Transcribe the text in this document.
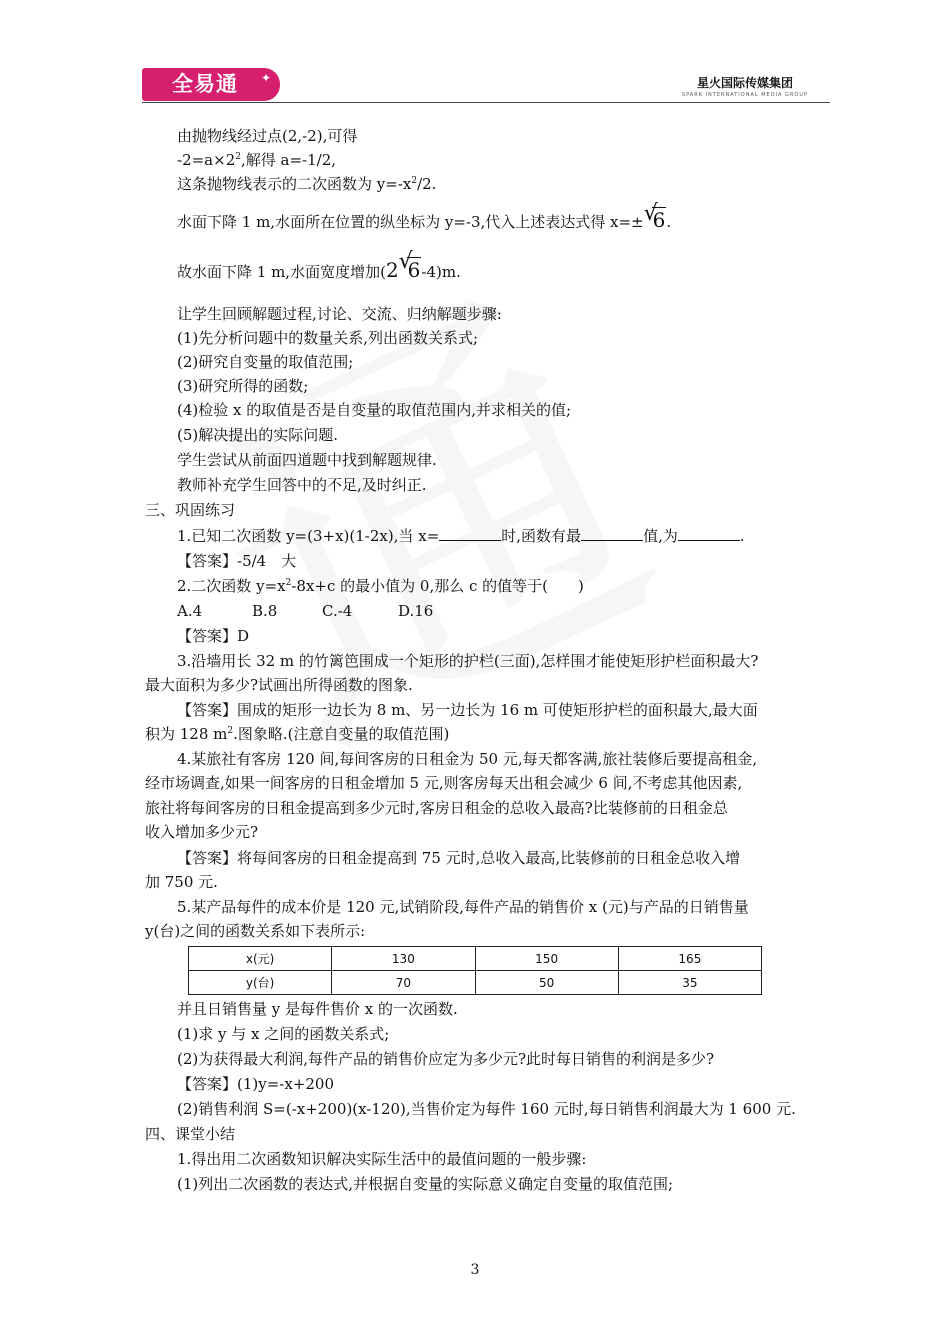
全易通 ✦	星火国际传媒集团
SPARK INTERNATIONAL MEDIA GROUP
由抛物线经过点(2,-2),可得
$-2=a\times 2^2$,解得 a=-1/2,
这条抛物线表示的二次函数为 $y=-x^2/2$.
水面下降 1 m,水面所在位置的纵坐标为 y=-3,代入上述表达式得 x=± √
6.
故水面下降 1 m,水面宽度增加(2 √
6-4)m.
让学生回顾解题过程,讨论、交流、归纳解题步骤:
(1)先分析问题中的数量关系,列出函数关系式;
(2)研究自变量的取值范围;
(3)研究所得的函数;
(4)检验 x 的取值是否是自变量的取值范围内,并求相关的值;
(5)解决提出的实际问题.
学生尝试从前面四道题中找到解题规律.
教师补充学生回答中的不足,及时纠正.
三、巩固练习
1.已知二次函数 y=(3+x)(1-2x),当 x=	时,函数有最	值,为	.
【答案】-5/4　大
2.二次函数 $y=x^2-8x+c$ 的最小值为 0,那么 c 的值等于(　　)
A.4	B.8	C.-4	D.16
【答案】D
3.沿墙用长 32 m 的竹篱笆围成一个矩形的护栏(三面),怎样围才能使矩形护栏面积最大?
最大面积为多少?试画出所得函数的图象.
【答案】围成的矩形一边长为 8 m、另一边长为 16 m 可使矩形护栏的面积最大,最大面
积为 128 $m^2$.图象略.(注意自变量的取值范围)
4.某旅社有客房 120 间,每间客房的日租金为 50 元,每天都客满,旅社装修后要提高租金,
经市场调查,如果一间客房的日租金增加 5 元,则客房每天出租会减少 6 间,不考虑其他因素,
旅社将每间客房的日租金提高到多少元时,客房日租金的总收入最高?比装修前的日租金总
收入增加多少元?
【答案】将每间客房的日租金提高到 75 元时,总收入最高,比装修前的日租金总收入增
加 750 元.
5.某产品每件的成本价是 120 元,试销阶段,每件产品的销售价 x (元)与产品的日销售量
y(台)之间的函数关系如下表所示:
x(元)	130	150	165
y(台)	70	50	35
并且日销售量 y 是每件售价 x 的一次函数.
(1)求 y 与 x 之间的函数关系式;
(2)为获得最大利润,每件产品的销售价应定为多少元?此时每日销售的利润是多少?
【答案】(1)y=-x+200
(2)销售利润 S=(-x+200)(x-120),当售价定为每件 160 元时,每日销售利润最大为 1 600 元.
四、课堂小结
1.得出用二次函数知识解决实际生活中的最值问题的一般步骤:
(1)列出二次函数的表达式,并根据自变量的实际意义确定自变量的取值范围;
3
